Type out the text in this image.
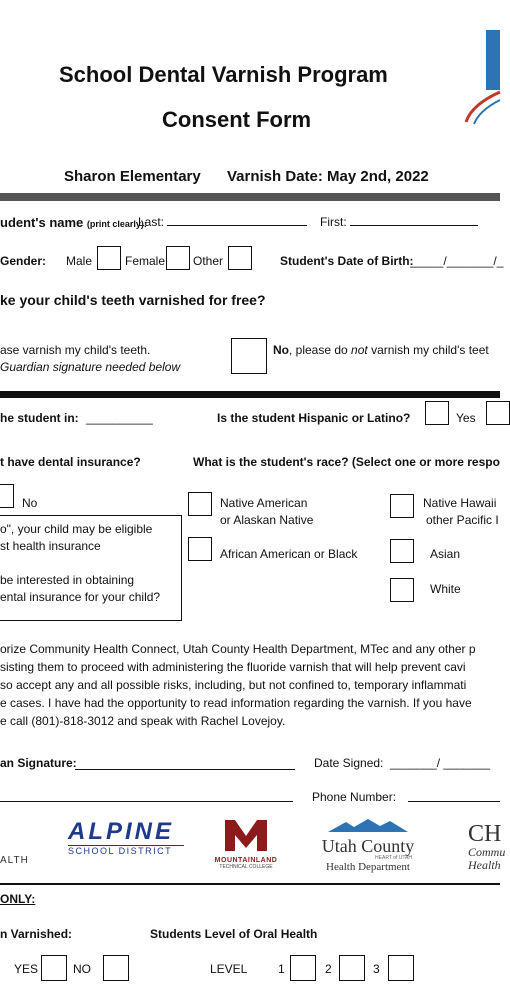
School Dental Varnish Program
Consent Form
Sharon Elementary Varnish Date: May 2nd, 2022
udent's name (print clearly):
Last:	First:
Gender: Male	Female Other	Student's Date of Birth:
_____/_______/_
ke your child's teeth varnished for free?
ase varnish my child's teeth.
Guardian signature needed below
No, please do not varnish my child's teet
he student in: __________	Is the student Hispanic or Latino?	Yes
t have dental insurance?	What is the student's race? (Select one or more respo
No
o", your child may be eligible
st health insurance
be interested in obtaining
ental insurance for your child?
Native American
or Alaskan Native
African American or Black
Native Hawaii
other Pacific I
Asian
White
orize Community Health Connect, Utah County Health Department, MTec and any other p
sisting them to proceed with administering the fluoride varnish that will help prevent cavi
so accept any and all possible risks, including, but not confined to, temporary inflammati
e cases. I have had the opportunity to read information regarding the varnish. If you have
e call (801)-818-3012 and speak with Rachel Lovejoy.
an Signature:	Date Signed: _______/ _______
Phone Number:
ALTH
ALPINE
SCHOOL DISTRICT
MOUNTAINLAND
TECHNICAL COLLEGE
Utah County
HEART of UTAH
Health Department
CH
Commu
Health
ONLY:
n Varnished:	Students Level of Oral Health
YES	NO	LEVEL	1	2	3
